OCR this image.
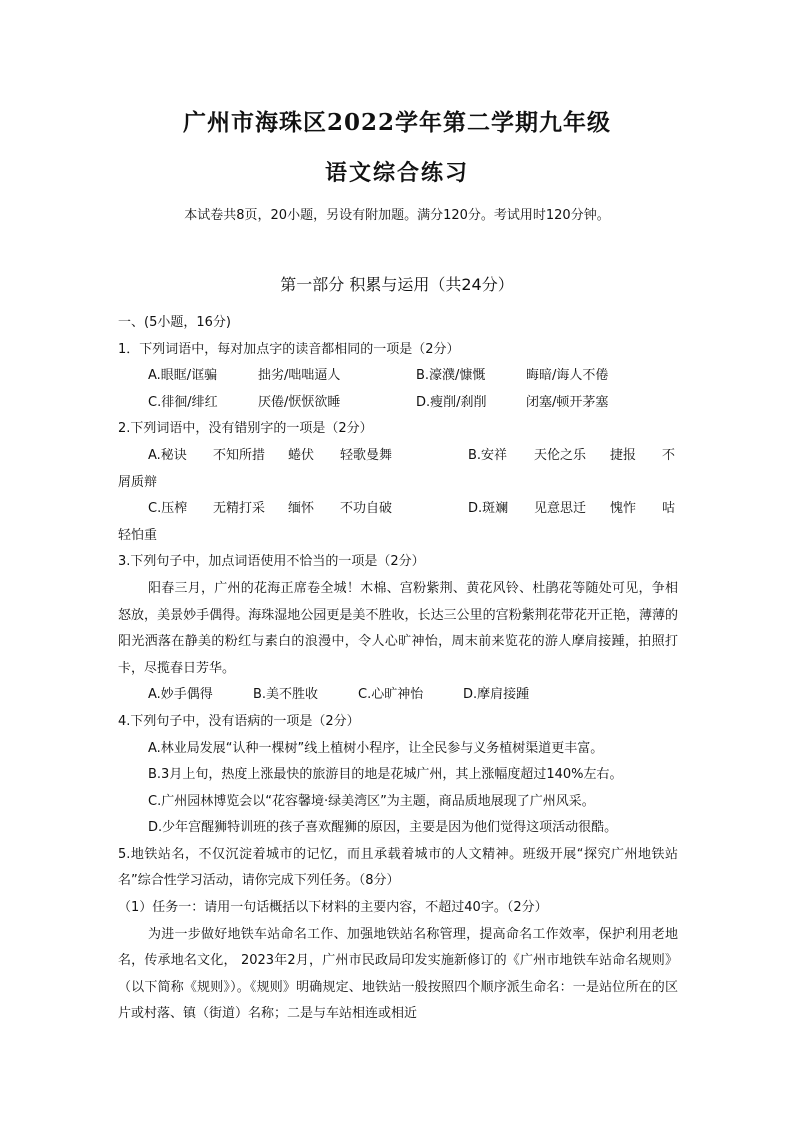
广州市海珠区2022学年第二学期九年级
语文综合练习
本试卷共8页，20小题，另设有附加题。满分120分。考试用时120分钟。
第一部分 积累与运用（共24分）
一、(5小题，16分)
1．下列词语中，每对加点字的读音都相同的一项是（2分）
A.眼眶/诓骗	拙劣/咄咄逼人	B.濠濮/慷慨	晦暗/诲人不倦
C.徘徊/绯红	厌倦/恹恹欲睡	D.瘦削/刹削	闭塞/顿开茅塞
2.下列词语中，没有错别字的一项是（2分）
A.秘诀 不知所措 蜷伏 轻歌曼舞	B.安祥 天伦之乐 捷报 不
屑质辩
C.压榨 无精打采 缅怀 不功自破	D.斑斓 见意思迁 愧怍 咕
轻怕重
3.下列句子中，加点词语使用不恰当的一项是（2分）
阳春三月，广州的花海正席卷全城！木棉、宫粉紫荆、黄花风铃、杜鹃花等随处可见，争相怒放，美景妙手偶得。海珠湿地公园更是美不胜收，长达三公里的宫粉紫荆花带花开正艳，薄薄的阳光洒落在静美的粉红与素白的浪漫中，令人心旷神怡，周末前来览花的游人摩肩接踵，拍照打卡，尽揽春日芳华。
A.妙手偶得	B.美不胜收	C.心旷神怡	D.摩肩接踵
4.下列句子中，没有语病的一项是（2分）
A.林业局发展“认种一棵树”线上植树小程序，让全民参与义务植树渠道更丰富。
B.3月上旬，热度上涨最快的旅游目的地是花城广州，其上涨幅度超过140%左右。
C.广州园林博览会以“花容馨境·绿美湾区”为主题，商品质地展现了广州风采。
D.少年宫醒狮特训班的孩子喜欢醒狮的原因，主要是因为他们觉得这项活动很酷。
5.地铁站名，不仅沉淀着城市的记忆，而且承载着城市的人文精神。班级开展“探究广州地铁站名”综合性学习活动，请你完成下列任务。（8分）
（1）任务一：请用一句话概括以下材料的主要内容，不超过40字。（2分）
为进一步做好地铁车站命名工作、加强地铁站名称管理，提高命名工作效率，保护利用老地名，传承地名文化， 2023年2月，广州市民政局印发实施新修订的《广州市地铁车站命名规则》（以下简称《规则》）。《规则》明确规定、地铁站一般按照四个顺序派生命名：一是站位所在的区片或村落、镇（街道）名称；二是与车站相连或相近
